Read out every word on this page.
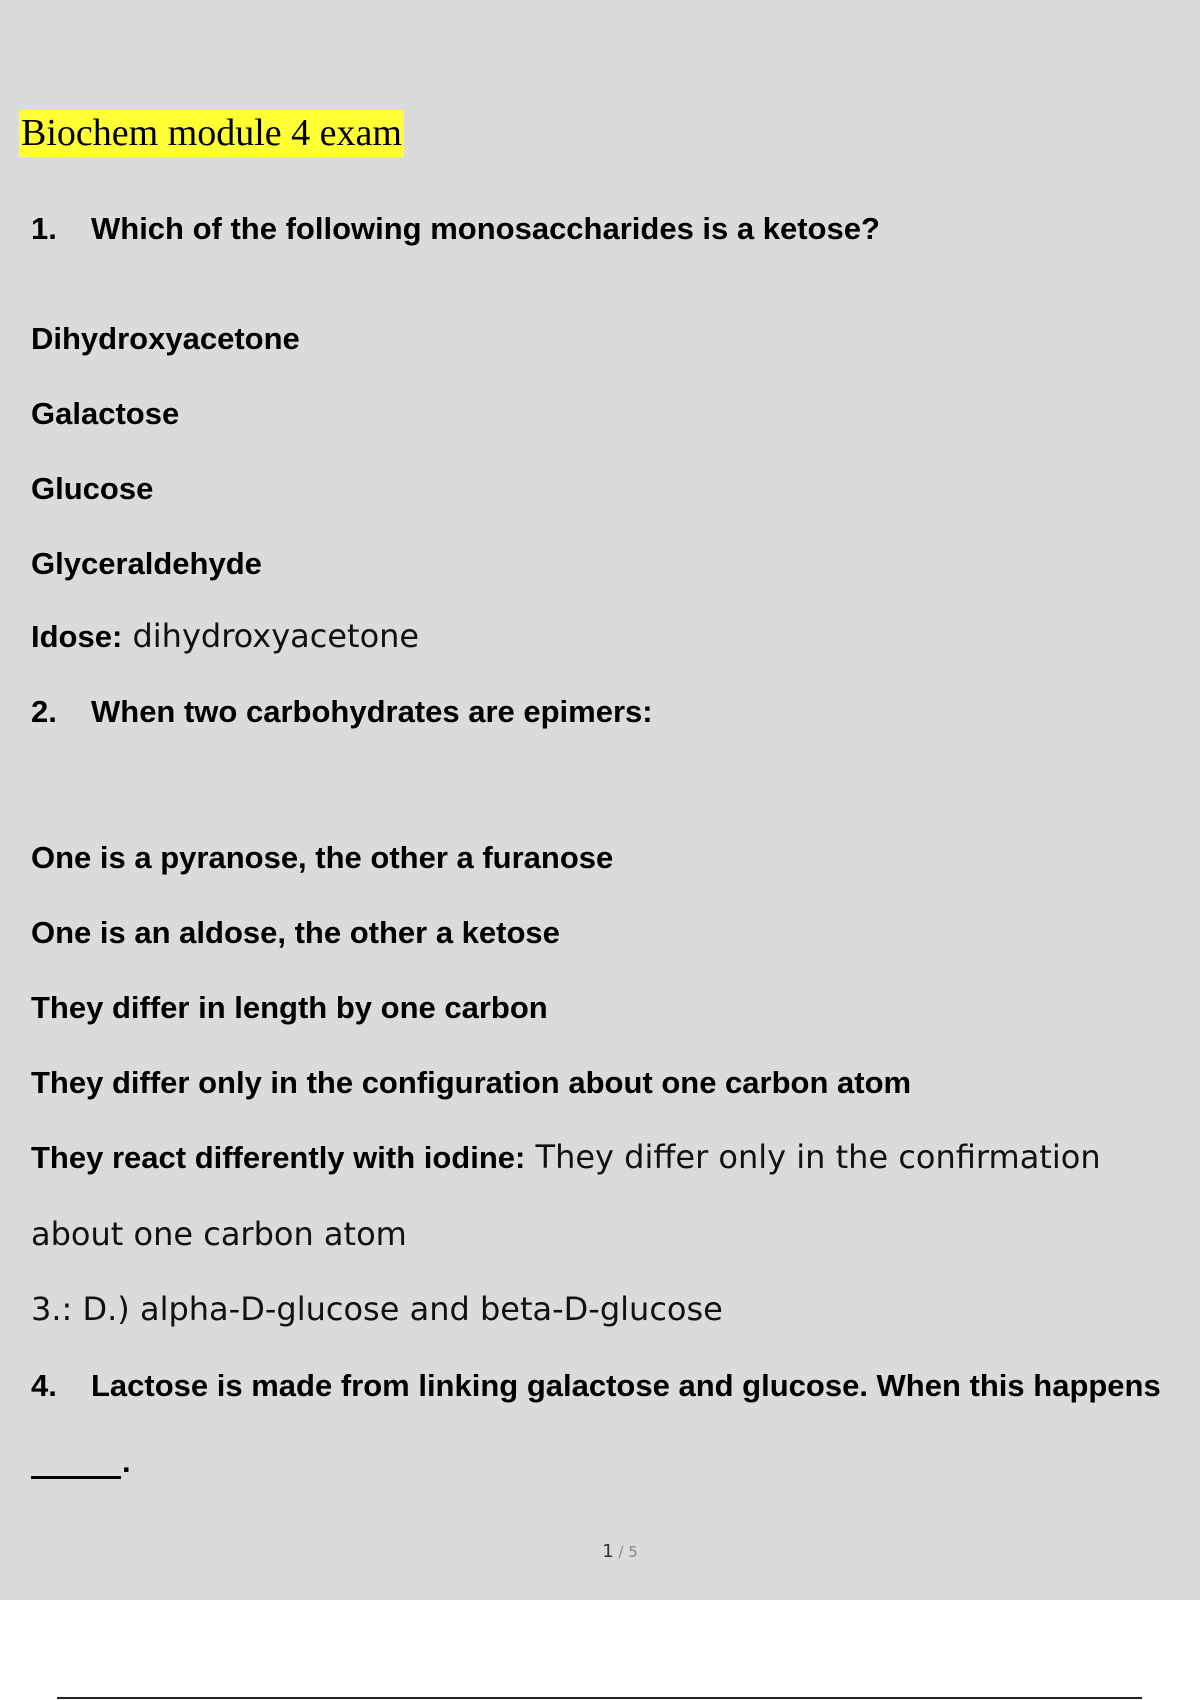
Biochem module 4 exam
1. Which of the following monosaccharides is a ketose?
Dihydroxyacetone
Galactose
Glucose
Glyceraldehyde
Idose: dihydroxyacetone
2. When two carbohydrates are epimers:
One is a pyranose, the other a furanose
One is an aldose, the other a ketose
They differ in length by one carbon
They differ only in the configuration about one carbon atom
They react differently with iodine: They differ only in the confirmation
about one carbon atom
3.: D.) alpha-D-glucose and beta-D-glucose
4. Lactose is made from linking galactose and glucose. When this happens
.
1 / 5
